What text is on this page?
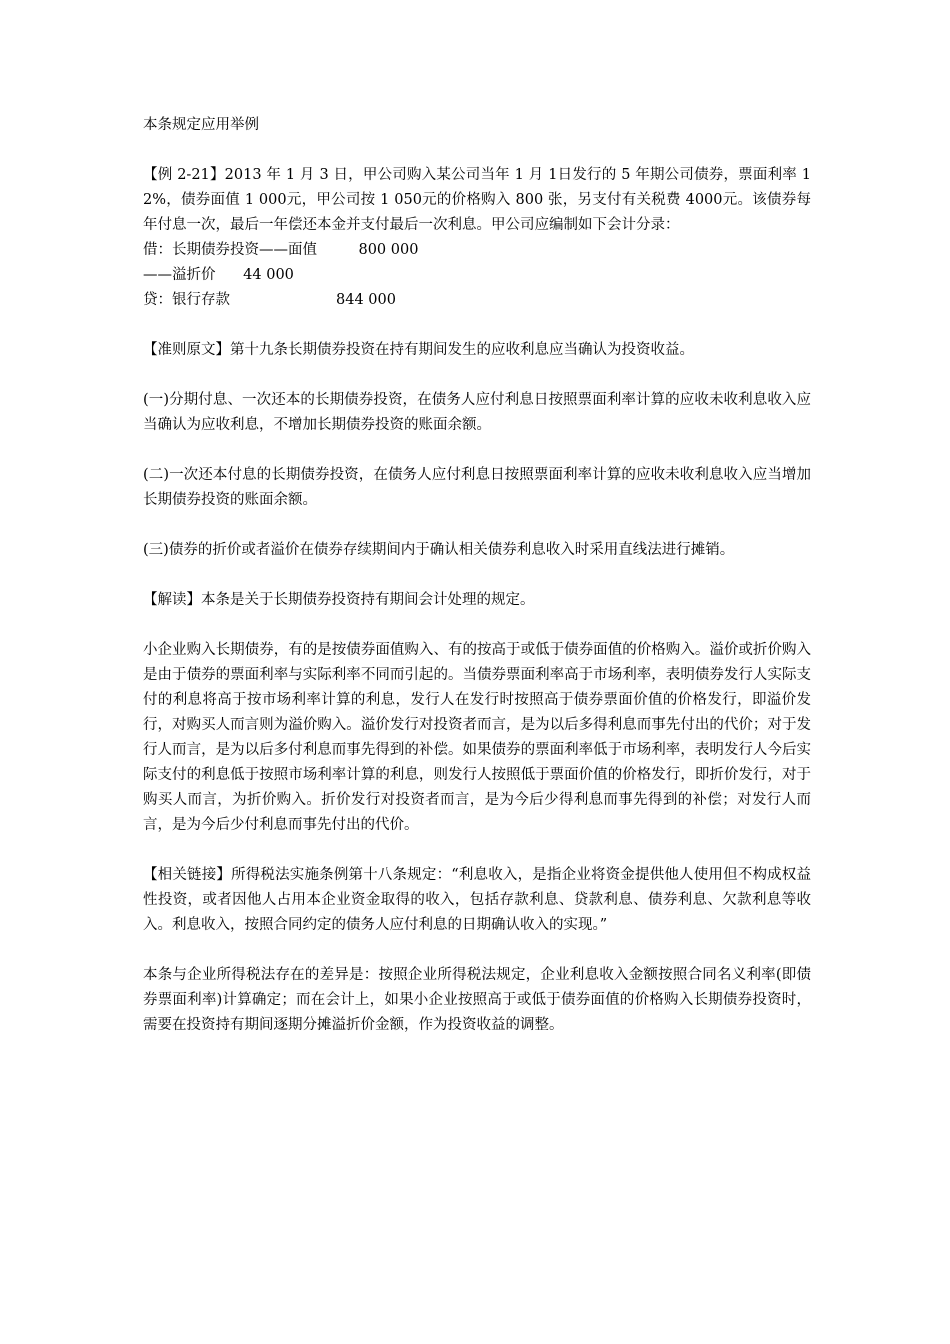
本条规定应用举例

【例 2-21】2013 年 1 月 3 日，甲公司购入某公司当年 1 月 1日发行的 5 年期公司债券，票面利率 12%，债券面值 1 000元，甲公司按 1 050元的价格购入 800 张，另支付有关税费 4000元。该债券每年付息一次，最后一年偿还本金并支付最后一次利息。甲公司应编制如下会计分录：

借：长期债券投资——面值         800 000

——溢折价      44 000

贷：银行存款                       844 000

【准则原文】第十九条长期债券投资在持有期间发生的应收利息应当确认为投资收益。

(一)分期付息、一次还本的长期债券投资，在债务人应付利息日按照票面利率计算的应收未收利息收入应当确认为应收利息，不增加长期债券投资的账面余额。

(二)一次还本付息的长期债券投资，在债务人应付利息日按照票面利率计算的应收未收利息收入应当增加长期债券投资的账面余额。

(三)债券的折价或者溢价在债券存续期间内于确认相关债券利息收入时采用直线法进行摊销。

【解读】本条是关于长期债券投资持有期间会计处理的规定。

小企业购入长期债券，有的是按债券面值购入、有的按高于或低于债券面值的价格购入。溢价或折价购入是由于债券的票面利率与实际利率不同而引起的。当债券票面利率高于市场利率，表明债券发行人实际支付的利息将高于按市场利率计算的利息，发行人在发行时按照高于债券票面价值的价格发行，即溢价发行，对购买人而言则为溢价购入。溢价发行对投资者而言，是为以后多得利息而事先付出的代价；对于发行人而言，是为以后多付利息而事先得到的补偿。如果债券的票面利率低于市场利率，表明发行人今后实际支付的利息低于按照市场利率计算的利息，则发行人按照低于票面价值的价格发行，即折价发行，对于购买人而言，为折价购入。折价发行对投资者而言，是为今后少得利息而事先得到的补偿；对发行人而言，是为今后少付利息而事先付出的代价。

【相关链接】所得税法实施条例第十八条规定：“利息收入，是指企业将资金提供他人使用但不构成权益性投资，或者因他人占用本企业资金取得的收入，包括存款利息、贷款利息、债券利息、欠款利息等收入。利息收入，按照合同约定的债务人应付利息的日期确认收入的实现。”

本条与企业所得税法存在的差异是：按照企业所得税法规定，企业利息收入金额按照合同名义利率(即债券票面利率)计算确定；而在会计上，如果小企业按照高于或低于债券面值的价格购入长期债券投资时，需要在投资持有期间逐期分摊溢折价金额，作为投资收益的调整。
